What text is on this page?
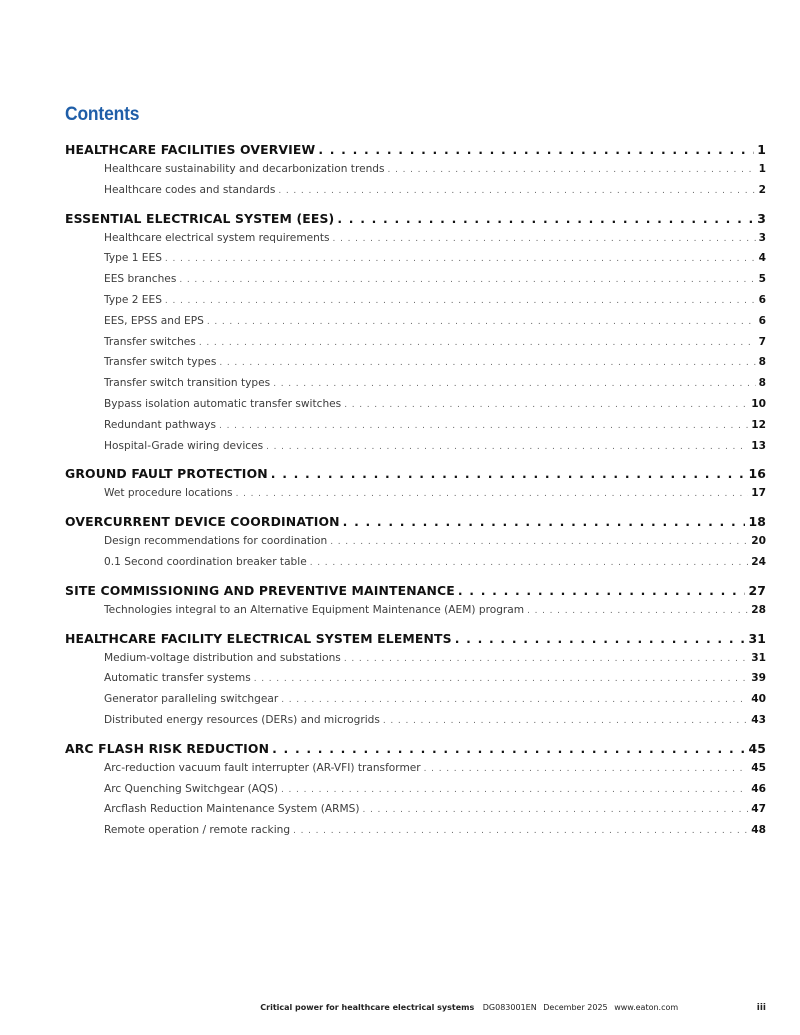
Contents
HEALTHCARE FACILITIES OVERVIEW . . .	1
Healthcare sustainability and decarbonization trends . . .	1
Healthcare codes and standards . . .	2
ESSENTIAL ELECTRICAL SYSTEM (EES) . . .	3
Healthcare electrical system requirements . . .	3
Type 1 EES . . .	4
EES branches . . .	5
Type 2 EES . . .	6
EES, EPSS and EPS . . .	6
Transfer switches . . .	7
Transfer switch types . . .	8
Transfer switch transition types . . .	8
Bypass isolation automatic transfer switches . . .	10
Redundant pathways . . .	12
Hospital-Grade wiring devices . . .	13
GROUND FAULT PROTECTION . . .	16
Wet procedure locations . . .	17
OVERCURRENT DEVICE COORDINATION . . .	18
Design recommendations for coordination . . .	20
0.1 Second coordination breaker table . . .	24
SITE COMMISSIONING AND PREVENTIVE MAINTENANCE . . .	27
Technologies integral to an Alternative Equipment Maintenance (AEM) program . . .	28
HEALTHCARE FACILITY ELECTRICAL SYSTEM ELEMENTS . . .	31
Medium-voltage distribution and substations . . .	31
Automatic transfer systems . . .	39
Generator paralleling switchgear . . .	40
Distributed energy resources (DERs) and microgrids . . .	43
ARC FLASH RISK REDUCTION . . .	45
Arc-reduction vacuum fault interrupter (AR-VFI) transformer . . .	45
Arc Quenching Switchgear (AQS) . . .	46
Arcflash Reduction Maintenance System (ARMS) . . .	47
Remote operation / remote racking . . .	48
Critical power for healthcare electrical systems DG083001EN December 2025 www.eaton.com	iii
